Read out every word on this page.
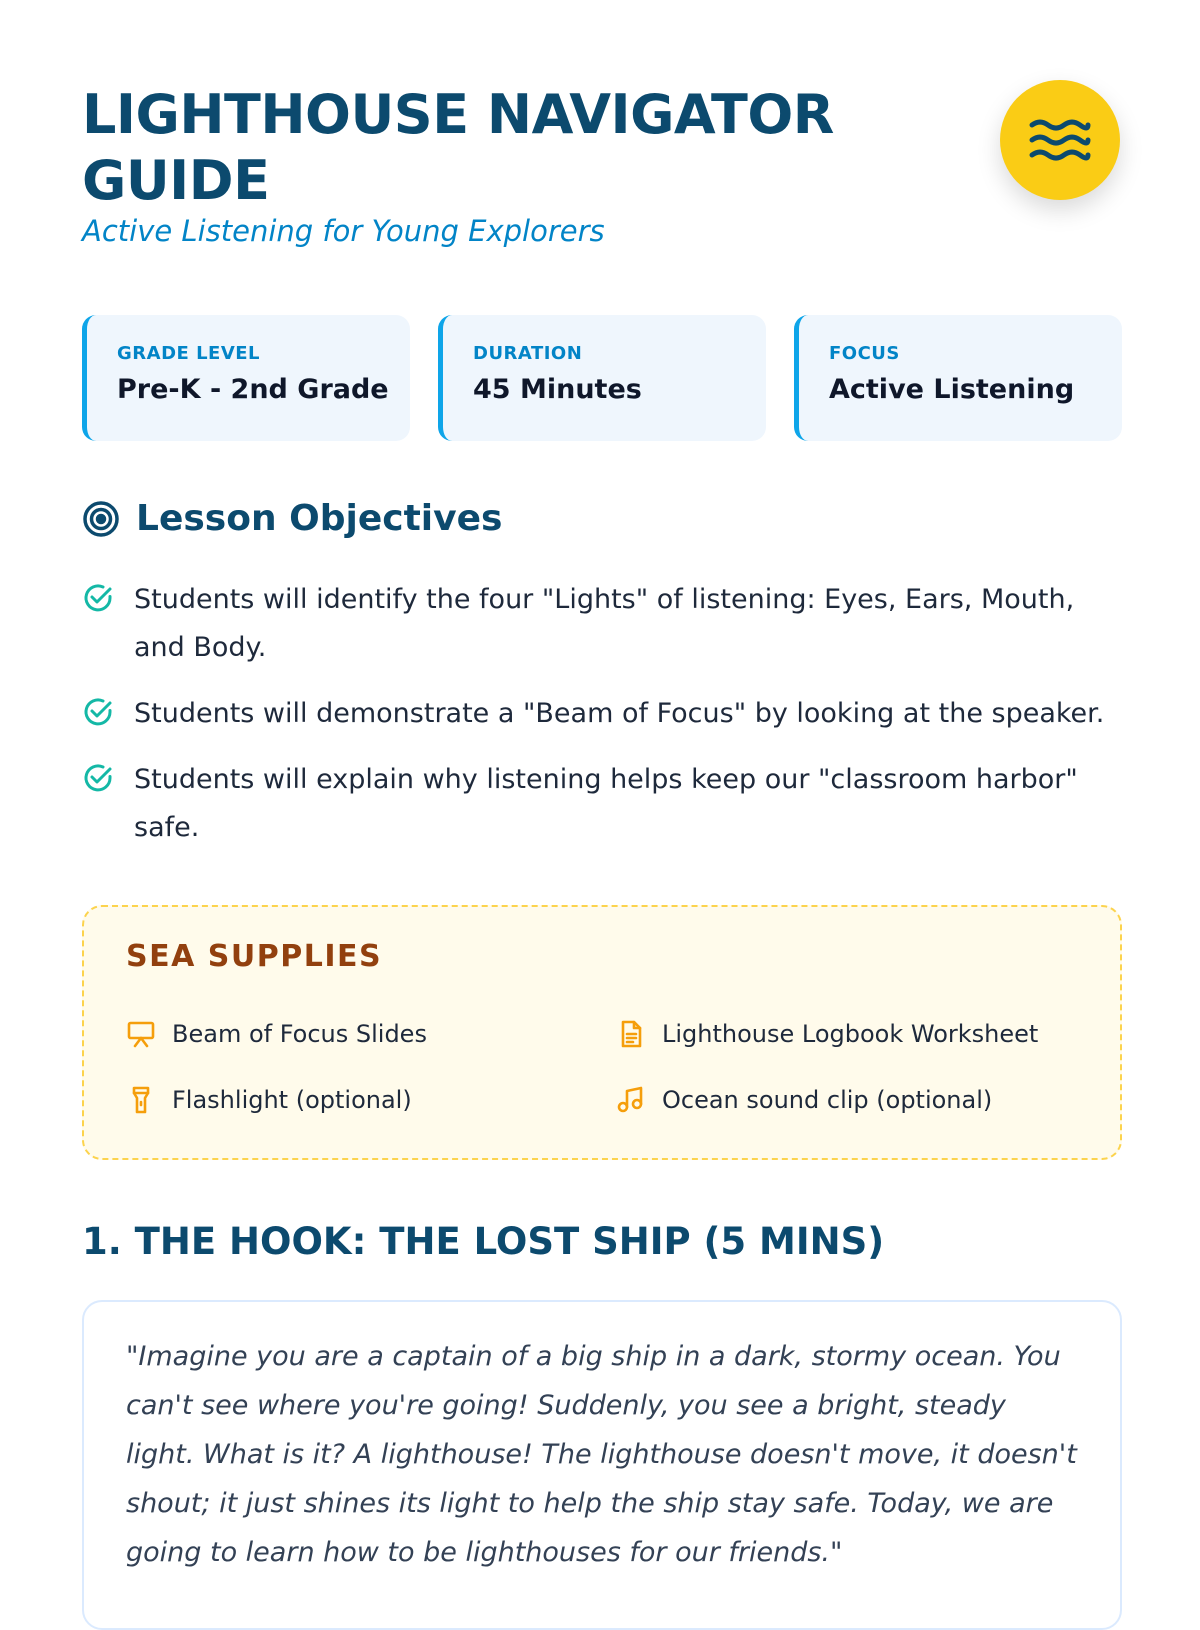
LIGHTHOUSE NAVIGATOR GUIDE

Active Listening for Young Explorers

GRADE LEVEL

Pre-K - 2nd Grade

DURATION

45 Minutes

FOCUS

Active Listening

Lesson Objectives
Students will identify the four "Lights" of listening: Eyes, Ears, Mouth, and Body.
Students will demonstrate a "Beam of Focus" by looking at the speaker.
Students will explain why listening helps keep our "classroom harbor" safe.
SEA SUPPLIES
Beam of Focus Slides	Lighthouse Logbook Worksheet
Flashlight (optional)	Ocean sound clip (optional)
1. THE HOOK: THE LOST SHIP (5 MINS)

"Imagine you are a captain of a big ship in a dark, stormy ocean. You can't see where you're going! Suddenly, you see a bright, steady light. What is it? A lighthouse! The lighthouse doesn't move, it doesn't shout; it just shines its light to help the ship stay safe. Today, we are going to learn how to be lighthouses for our friends."
